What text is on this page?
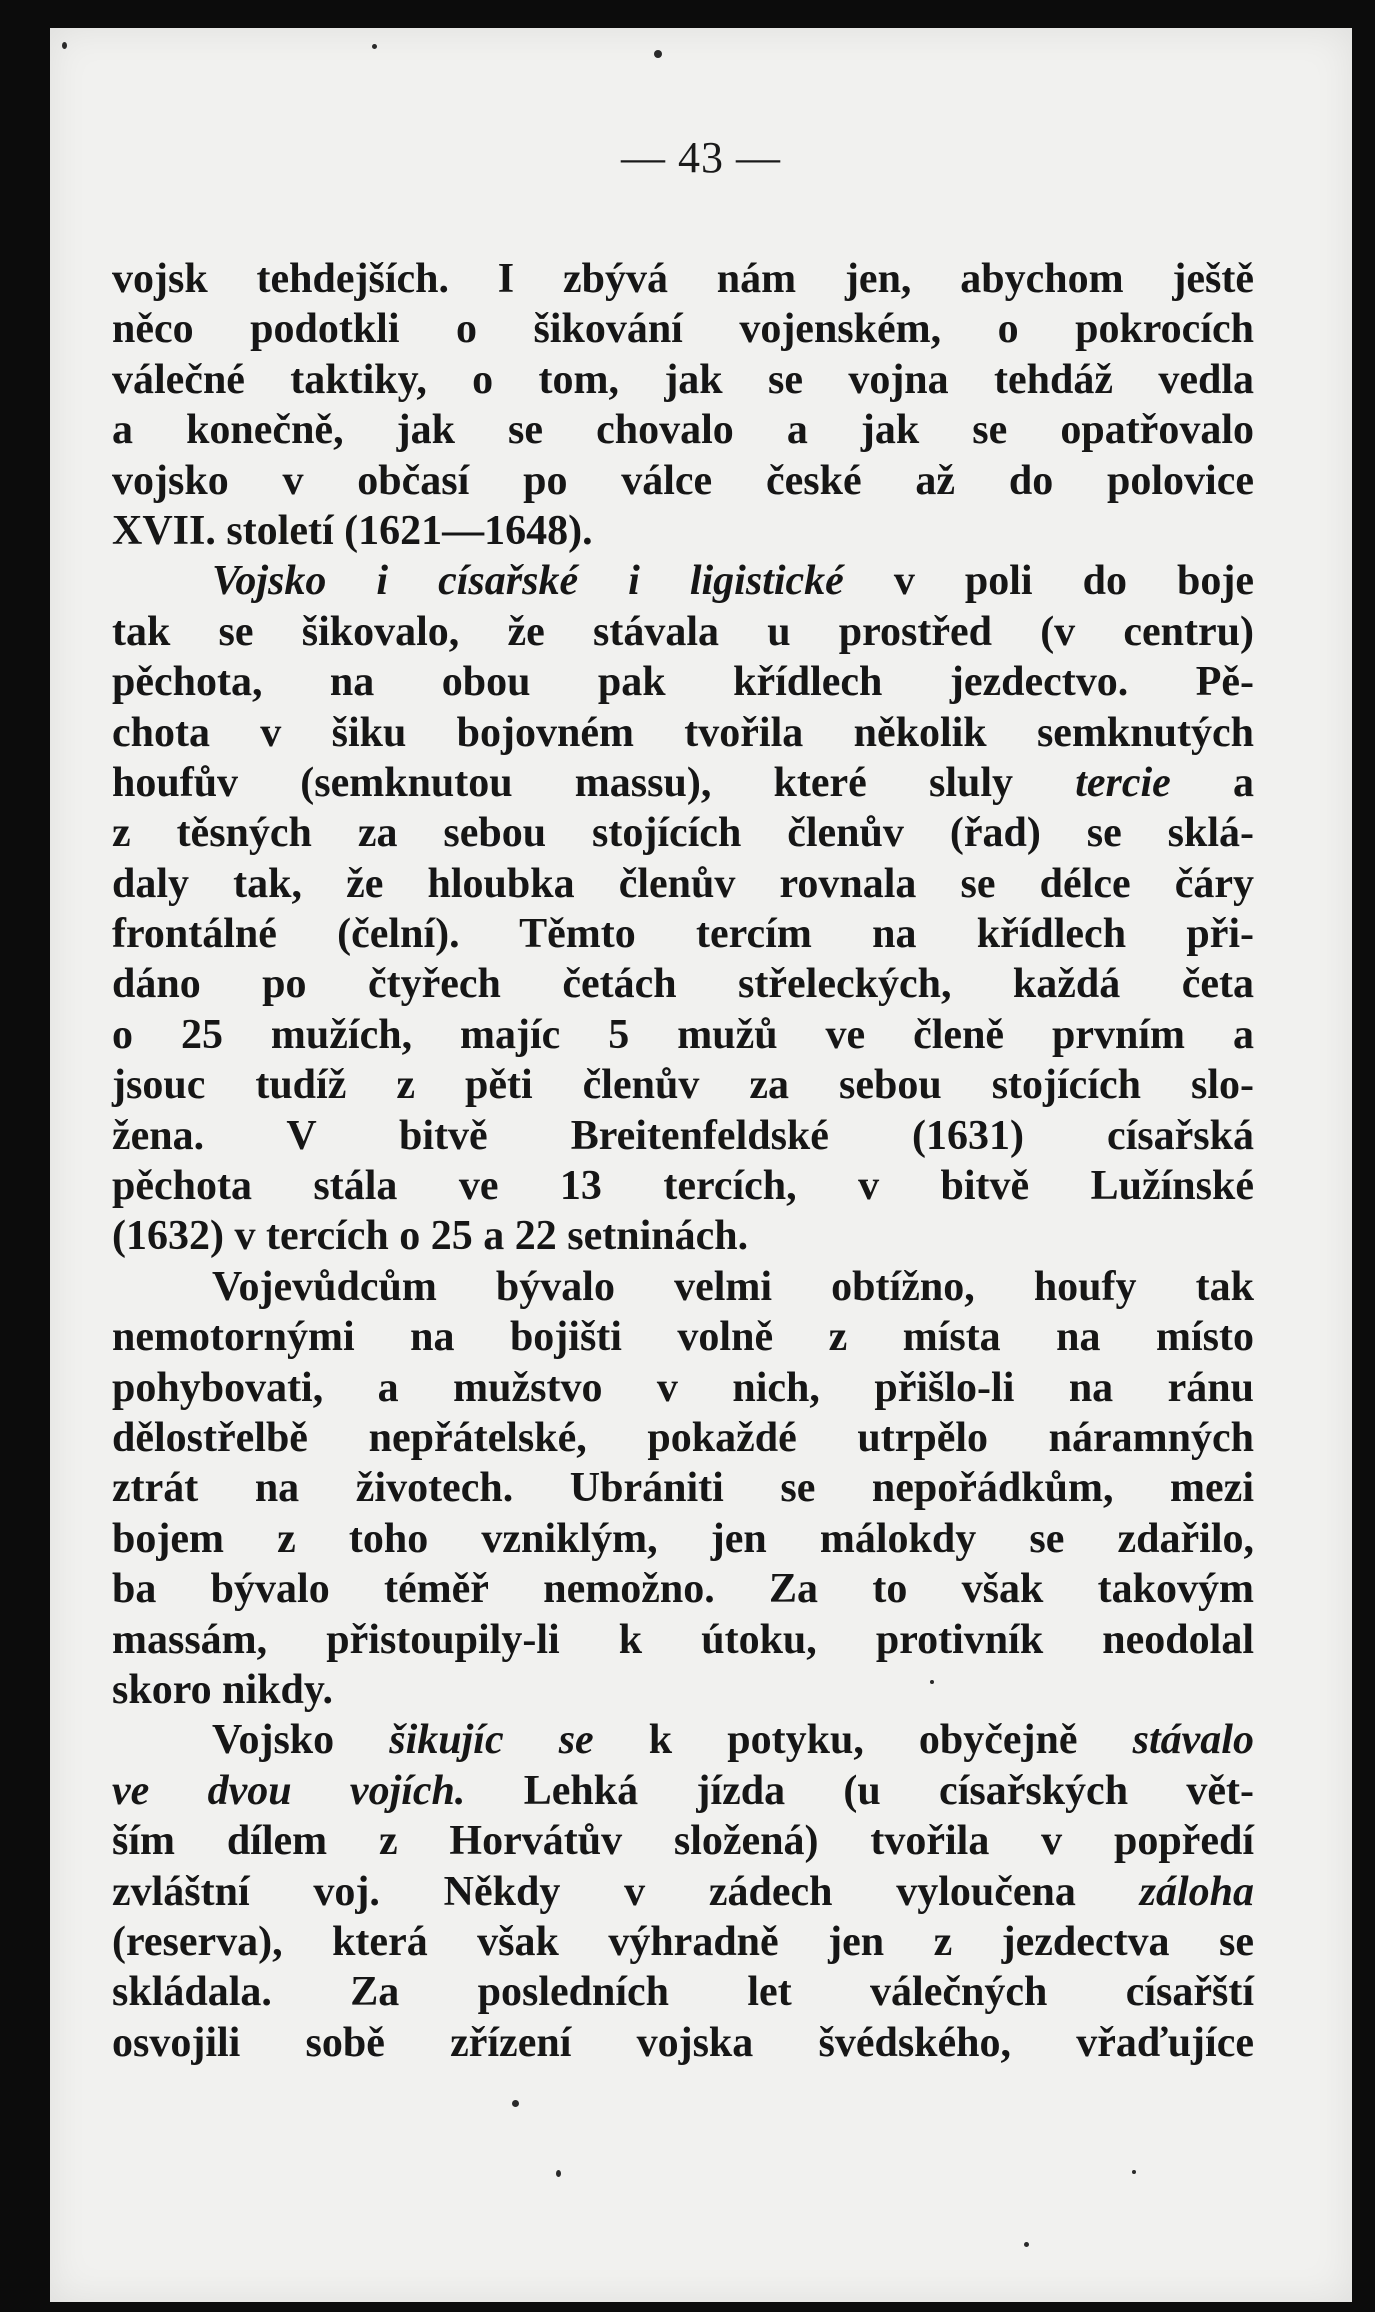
— 43 —
vojsk tehdejších. I zbývá nám jen, abychom ještě
něco podotkli o šikování vojenském, o pokrocích
válečné taktiky, o tom, jak se vojna tehdáž vedla
a konečně, jak se chovalo a jak se opatřovalo
vojsko v občasí po válce české až do polovice
XVII. století (1621—1648).
Vojsko i císařské i ligistické v poli do boje
tak se šikovalo, že stávala u prostřed (v centru)
pěchota, na obou pak křídlech jezdectvo. Pě-
chota v šiku bojovném tvořila několik semknutých
houfův (semknutou massu), které sluly tercie a
z těsných za sebou stojících členův (řad) se sklá-
daly tak, že hloubka členův rovnala se délce čáry
frontálné (čelní). Těmto tercím na křídlech při-
dáno po čtyřech četách střeleckých, každá četa
o 25 mužích, majíc 5 mužů ve členě prvním a
jsouc tudíž z pěti členův za sebou stojících slo-
žena. V bitvě Breitenfeldské (1631) císařská
pěchota stála ve 13 tercích, v bitvě Lužínské
(1632) v tercích o 25 a 22 setninách.
Vojevůdcům bývalo velmi obtížno, houfy tak
nemotornými na bojišti volně z místa na místo
pohybovati, a mužstvo v nich, přišlo-li na ránu
dělostřelbě nepřátelské, pokaždé utrpělo náramných
ztrát na životech. Ubrániti se nepořádkům, mezi
bojem z toho vzniklým, jen málokdy se zdařilo,
ba bývalo téměř nemožno. Za to však takovým
massám, přistoupily-li k útoku, protivník neodolal
skoro nikdy.
Vojsko šikujíc se k potyku, obyčejně stávalo
ve dvou vojích. Lehká jízda (u císařských vět-
ším dílem z Horvátův složená) tvořila v popředí
zvláštní voj. Někdy v zádech vyloučena záloha
(reserva), která však výhradně jen z jezdectva se
skládala. Za posledních let válečných císařští
osvojili sobě zřízení vojska švédského, vřaďujíce
